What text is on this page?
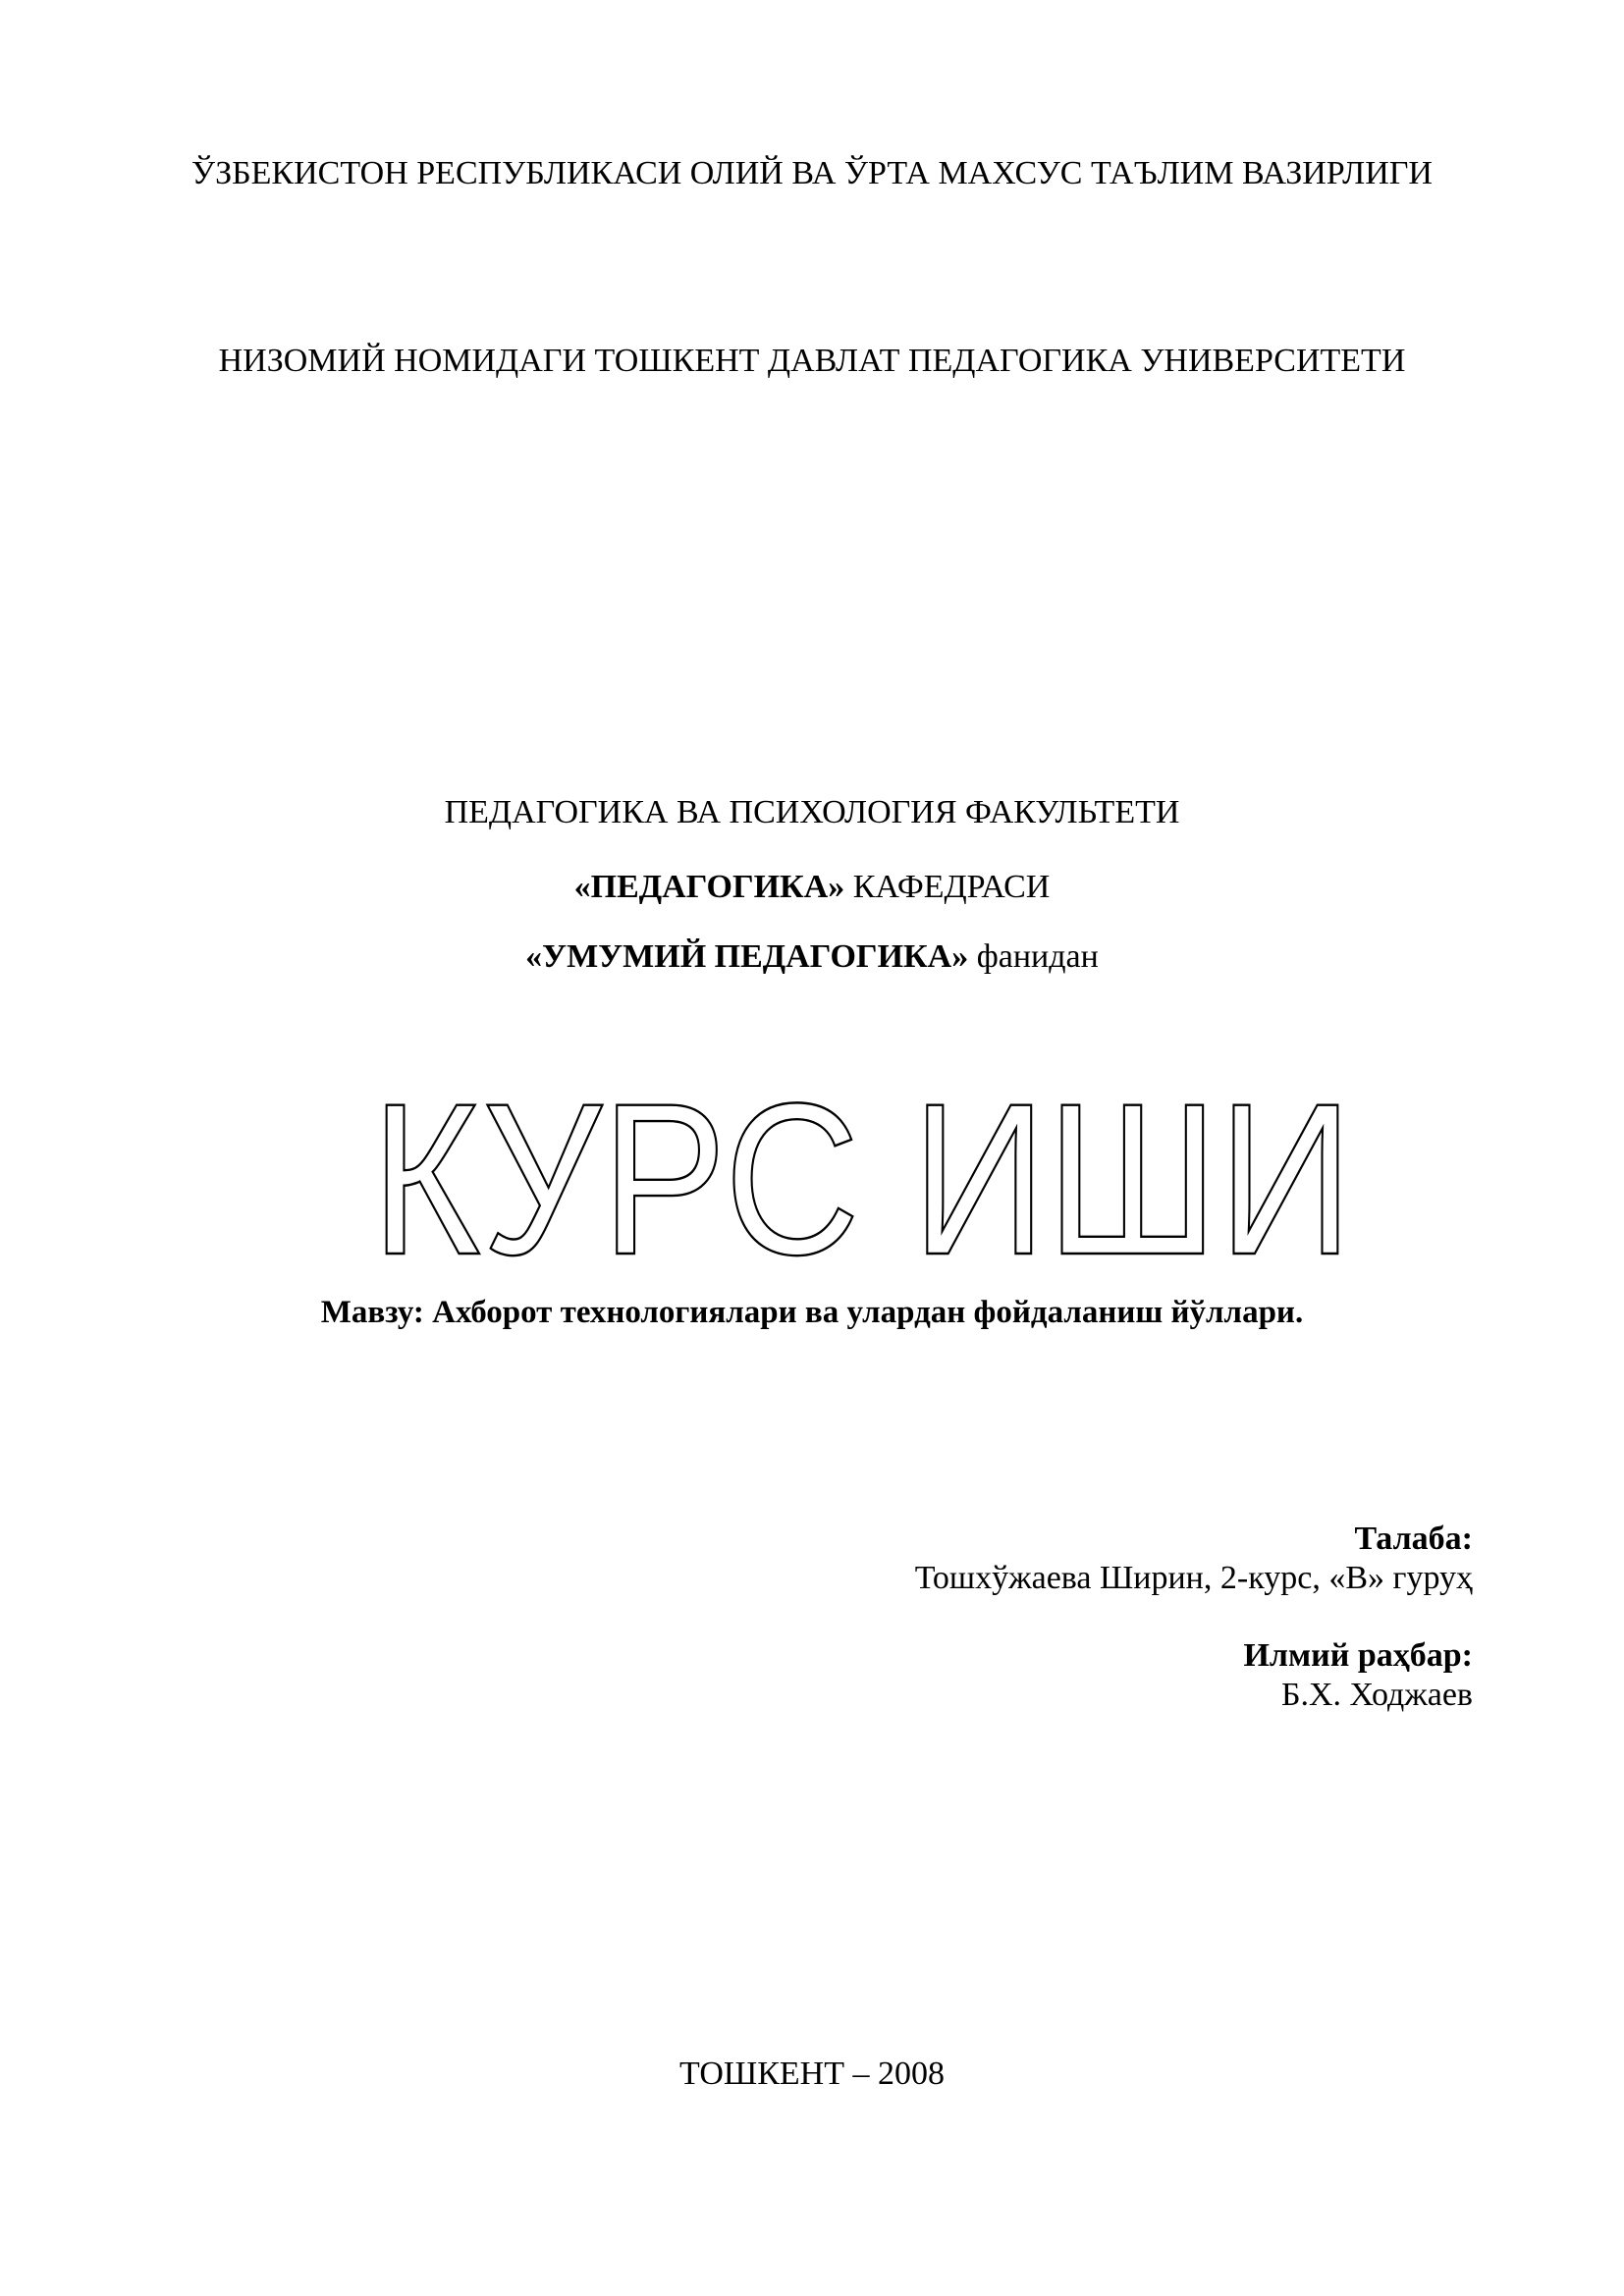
ЎЗБЕКИСТОН РЕСПУБЛИКАСИ ОЛИЙ ВА ЎРТА МАХСУС ТАЪЛИМ ВАЗИРЛИГИ
НИЗОМИЙ НОМИДАГИ ТОШКЕНТ ДАВЛАТ ПЕДАГОГИКА УНИВЕРСИТЕТИ
ПЕДАГОГИКА ВА ПСИХОЛОГИЯ ФАКУЛЬТЕТИ
«ПЕДАГОГИКА» КАФЕДРАСИ
«УМУМИЙ ПЕДАГОГИКА» фанидан
КУРС ИШИ
Мавзу: Ахборот технологиялари ва улардан фойдаланиш йўллари.
Талаба:
Тошхўжаева Ширин, 2-курс, «В» гуруҳ
Илмий раҳбар:
Б.Х. Ходжаев
ТОШКЕНТ – 2008
